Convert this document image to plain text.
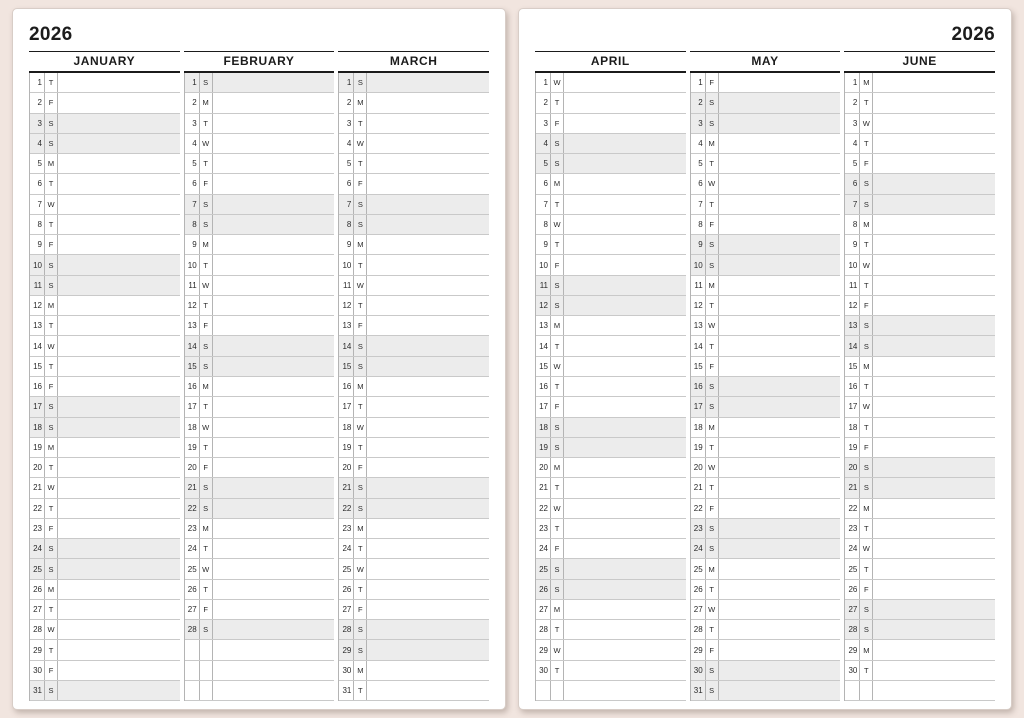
2026
JANUARY
1 T
2 F
3 S
4 S
5 M
6 T
7 W
8 T
9 F
10 S
11 S
12 M
13 T
14 W
15 T
16 F
17 S
18 S
19 M
20 T
21 W
22 T
23 F
24 S
25 S
26 M
27 T
28 W
29 T
30 F
31 S
FEBRUARY
1 S
2 M
3 T
4 W
5 T
6 F
7 S
8 S
9 M
10 T
11 W
12 T
13 F
14 S
15 S
16 M
17 T
18 W
19 T
20 F
21 S
22 S
23 M
24 T
25 W
26 T
27 F
28 S
MARCH
1 S
2 M
3 T
4 W
5 T
6 F
7 S
8 S
9 M
10 T
11 W
12 T
13 F
14 S
15 S
16 M
17 T
18 W
19 T
20 F
21 S
22 S
23 M
24 T
25 W
26 T
27 F
28 S
29 S
30 M
31 T
2026
APRIL
1 W
2 T
3 F
4 S
5 S
6 M
7 T
8 W
9 T
10 F
11 S
12 S
13 M
14 T
15 W
16 T
17 F
18 S
19 S
20 M
21 T
22 W
23 T
24 F
25 S
26 S
27 M
28 T
29 W
30 T
MAY
1 F
2 S
3 S
4 M
5 T
6 W
7 T
8 F
9 S
10 S
11 M
12 T
13 W
14 T
15 F
16 S
17 S
18 M
19 T
20 W
21 T
22 F
23 S
24 S
25 M
26 T
27 W
28 T
29 F
30 S
31 S
JUNE
1 M
2 T
3 W
4 T
5 F
6 S
7 S
8 M
9 T
10 W
11 T
12 F
13 S
14 S
15 M
16 T
17 W
18 T
19 F
20 S
21 S
22 M
23 T
24 W
25 T
26 F
27 S
28 S
29 M
30 T
